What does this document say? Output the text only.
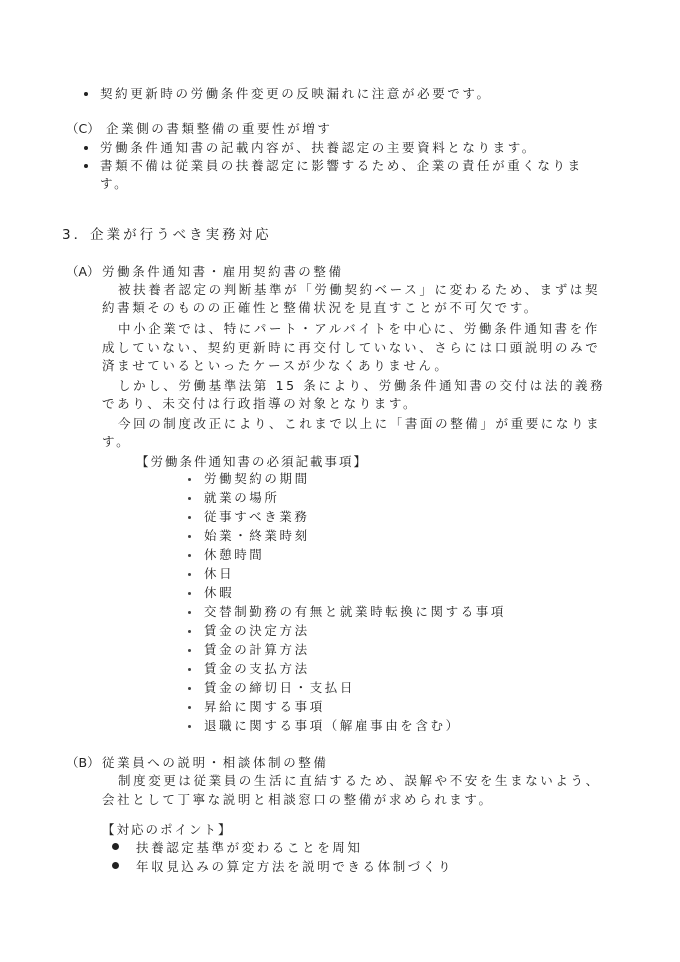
契約更新時の労働条件変更の反映漏れに注意が必要です。
（C） 企業側の書類整備の重要性が増す
労働条件通知書の記載内容が、扶養認定の主要資料となります。
書類不備は従業員の扶養認定に影響するため、企業の責任が重くなりま
す。
3．企業が行うべき実務対応
（A） 労働条件通知書・雇用契約書の整備
被扶養者認定の判断基準が「労働契約ベース」に変わるため、まずは契
約書類そのものの正確性と整備状況を見直すことが不可欠です。
中小企業では、特にパート・アルバイトを中心に、労働条件通知書を作
成していない、契約更新時に再交付していない、さらには口頭説明のみで
済ませているといったケースが少なくありません。
しかし、労働基準法第 15 条により、労働条件通知書の交付は法的義務
であり、未交付は行政指導の対象となります。
今回の制度改正により、これまで以上に「書面の整備」が重要になりま
す。
【労働条件通知書の必須記載事項】
労働契約の期間
就業の場所
従事すべき業務
始業・終業時刻
休憩時間
休日
休暇
交替制勤務の有無と就業時転換に関する事項
賃金の決定方法
賃金の計算方法
賃金の支払方法
賃金の締切日・支払日
昇給に関する事項
退職に関する事項（解雇事由を含む）
（B） 従業員への説明・相談体制の整備
制度変更は従業員の生活に直結するため、誤解や不安を生まないよう、
会社として丁寧な説明と相談窓口の整備が求められます。
【対応のポイント】
扶養認定基準が変わることを周知
年収見込みの算定方法を説明できる体制づくり
